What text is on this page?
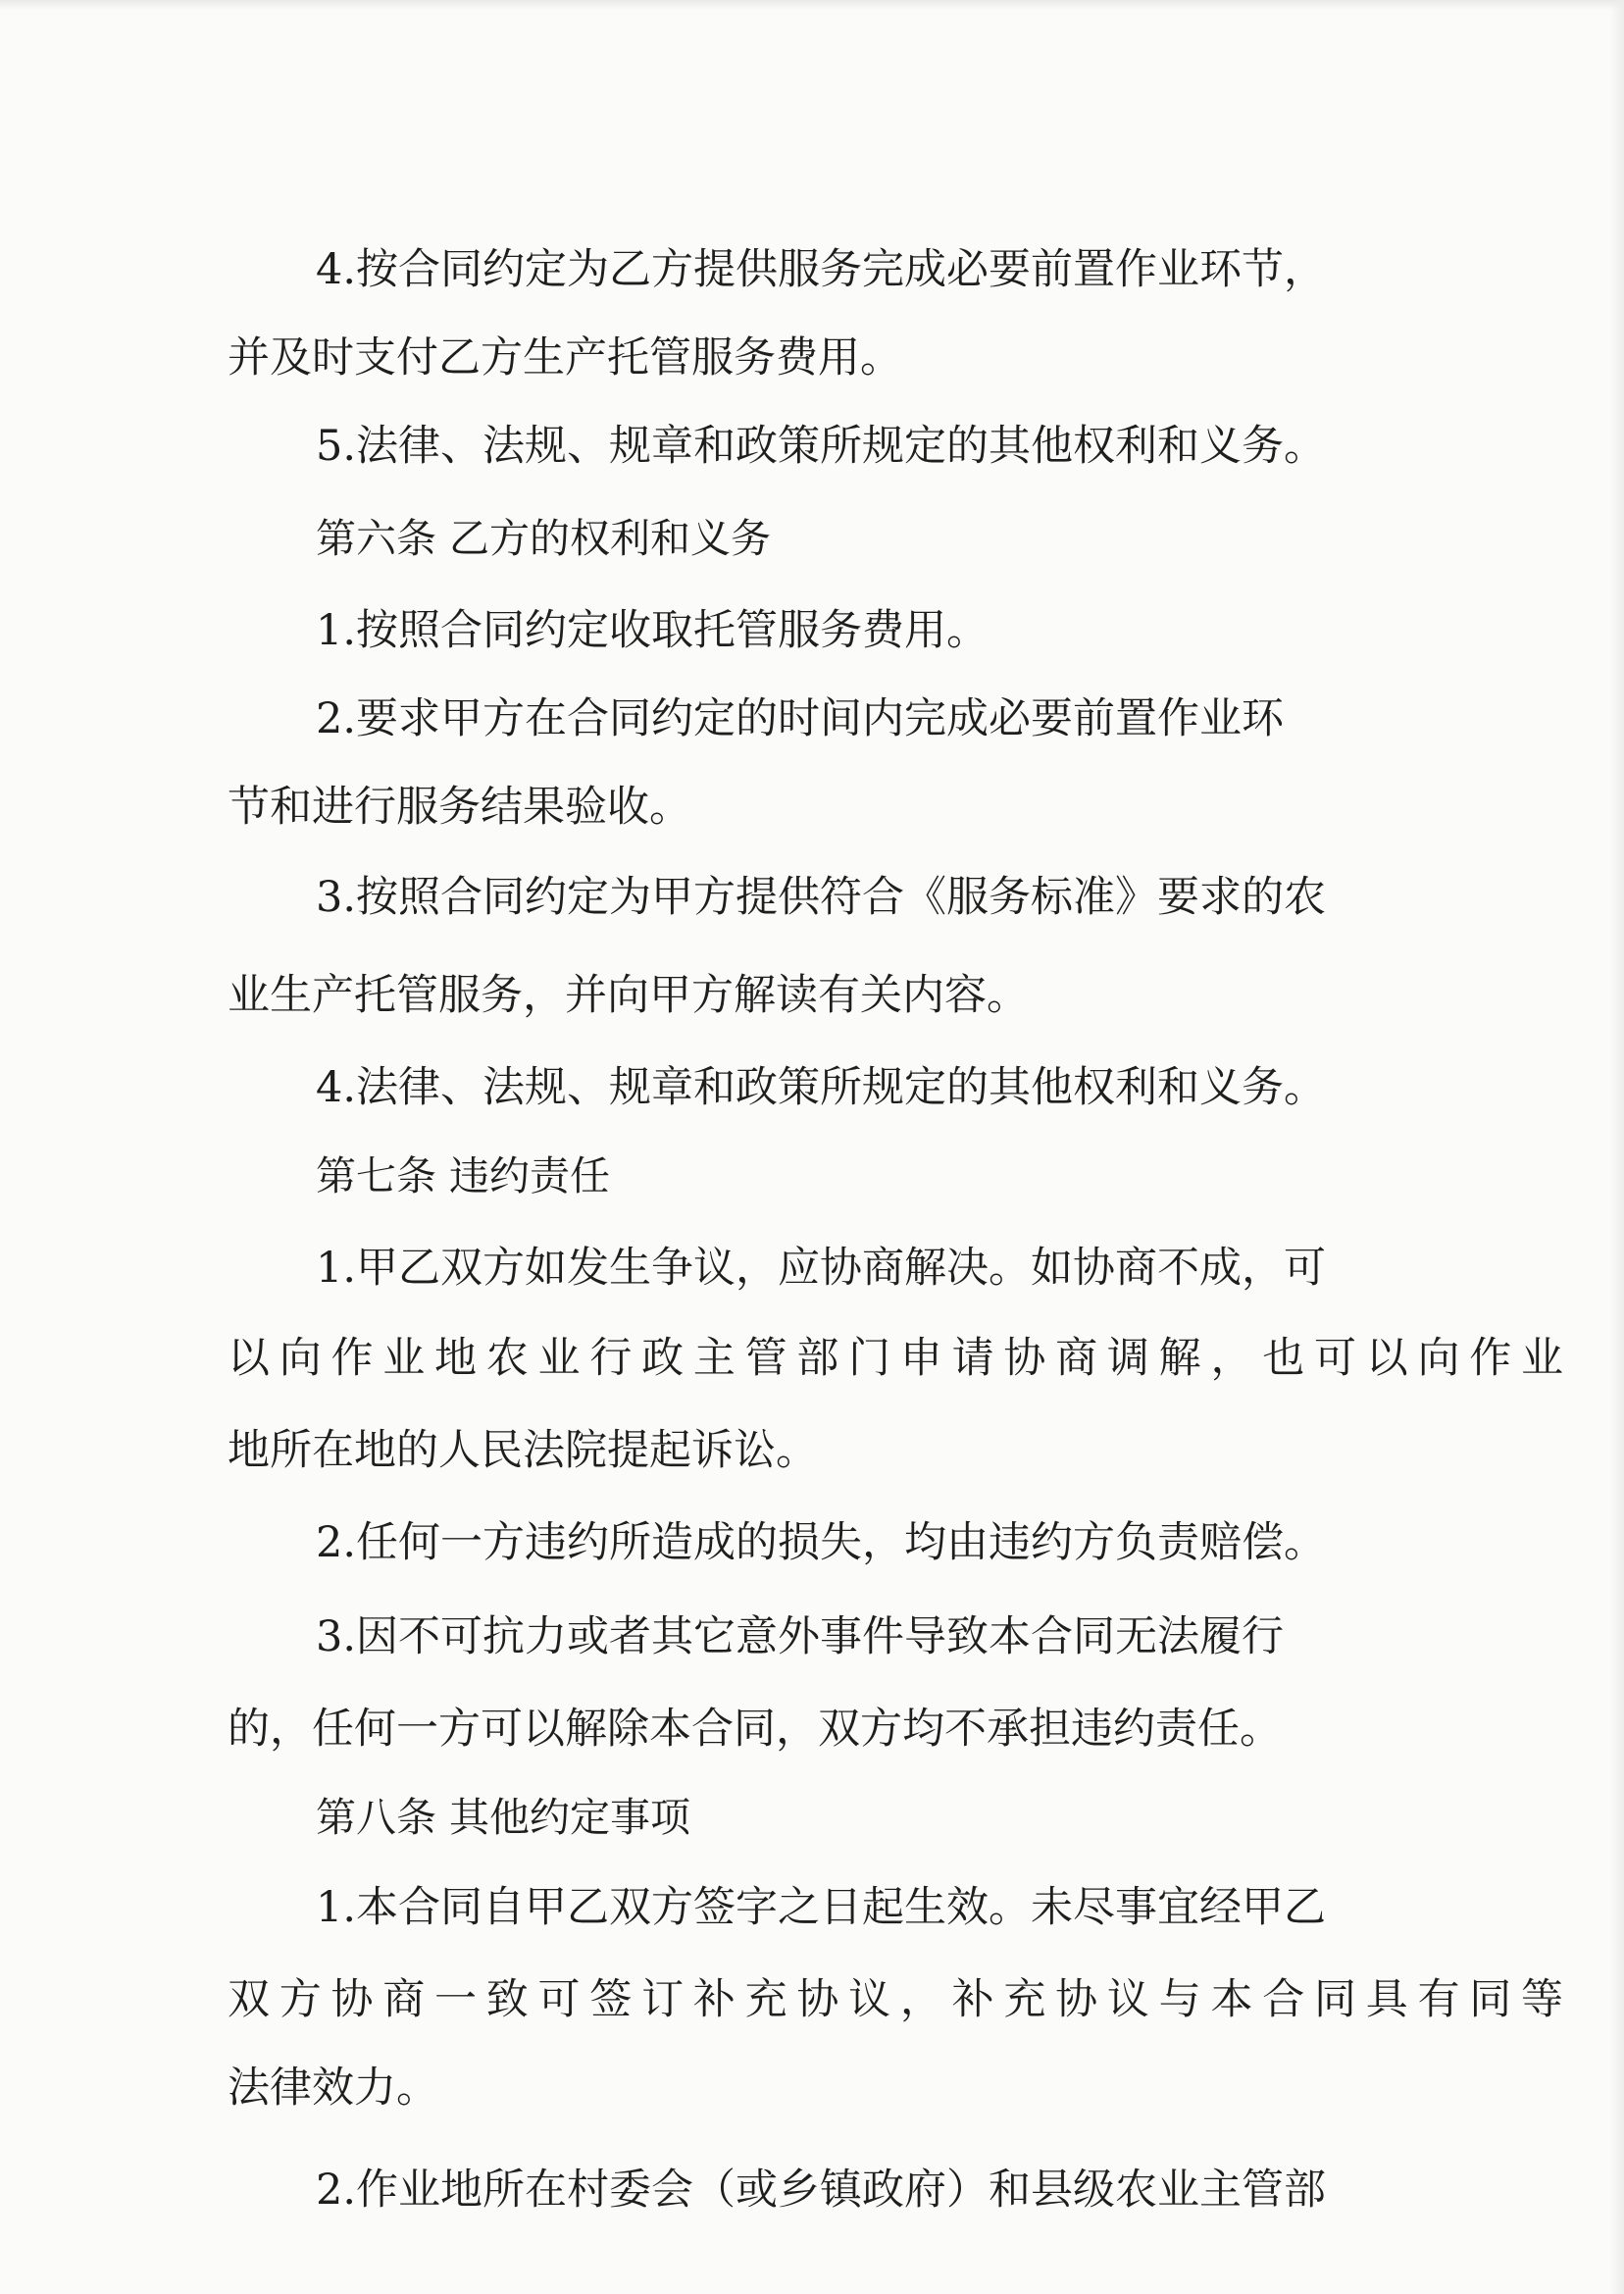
4.按合同约定为乙方提供服务完成必要前置作业环节，
并及时支付乙方生产托管服务费用。
5.法律、法规、规章和政策所规定的其他权利和义务。
第六条 乙方的权利和义务
1.按照合同约定收取托管服务费用。
2.要求甲方在合同约定的时间内完成必要前置作业环
节和进行服务结果验收。
3.按照合同约定为甲方提供符合《服务标准》要求的农
业生产托管服务，并向甲方解读有关内容。
4.法律、法规、规章和政策所规定的其他权利和义务。
第七条 违约责任
1.甲乙双方如发生争议，应协商解决。如协商不成，可
以向作业地农业行政主管部门申请协商调解，也可以向作业
地所在地的人民法院提起诉讼。
2.任何一方违约所造成的损失，均由违约方负责赔偿。
3.因不可抗力或者其它意外事件导致本合同无法履行
的，任何一方可以解除本合同，双方均不承担违约责任。
第八条 其他约定事项
1.本合同自甲乙双方签字之日起生效。未尽事宜经甲乙
双方协商一致可签订补充协议，补充协议与本合同具有同等
法律效力。
2.作业地所在村委会（或乡镇政府）和县级农业主管部
